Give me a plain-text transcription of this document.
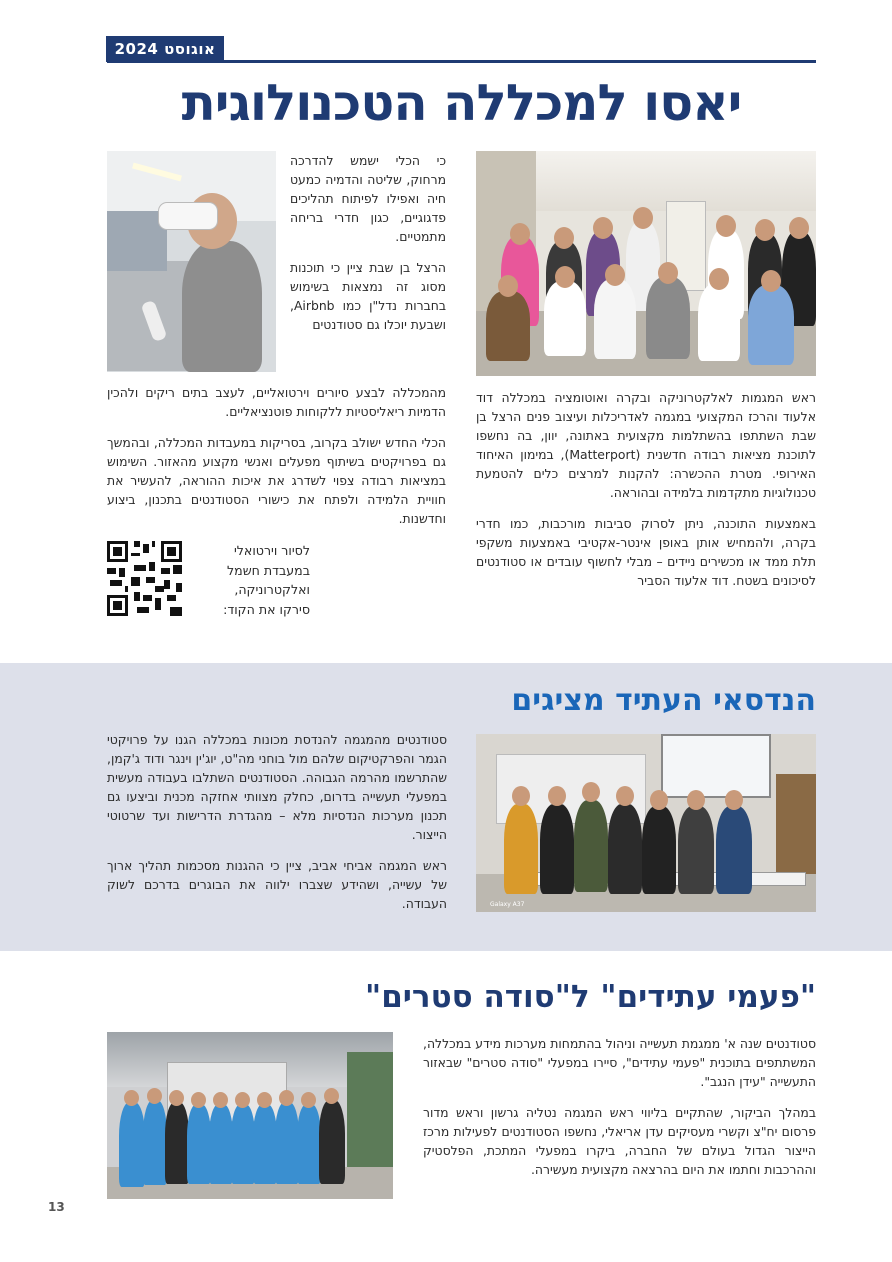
אוגוסט 2024
יאסו למכללה הטכנולוגית

ראש המגמות לאלקטרוניקה ובקרה ואוטומציה במכללה דוד אלעוד והרכז המקצועי במגמה לאדריכלות ועיצוב פנים הרצל בן שבת השתתפו בהשתלמות מקצועית באתונה, יוון, בה נחשפו לתוכנת מציאות רבודה חדשנית (Matterport), במימון האיחוד האירופי. מטרת ההכשרה: להקנות למרצים כלים להטמעת טכנולוגיות מתקדמות בלמידה ובהוראה.

באמצעות התוכנה, ניתן לסרוק סביבות מורכבות, כמו חדרי בקרה, ולהמחיש אותן באופן אינטר-אקטיבי באמצעות משקפי תלת ממד או מכשירים ניידים – מבלי לחשוף עובדים או סטודנטים לסיכונים בשטח. דוד אלעוד הסביר

כי הכלי ישמש להדרכה מרחוק, שליטה והדמיה כמעט חיה ואפילו לפיתוח תהליכים פדגוגיים, כגון חדרי בריחה מתמטיים.

הרצל בן שבת ציין כי תוכנות מסוג זה נמצאות בשימוש בחברות נדל"ן כמו Airbnb, ושבעת יוכלו גם סטודנטים

מהמכללה לבצע סיורים וירטואליים, לעצב בתים ריקים ולהכין הדמיות ריאליסטיות ללקוחות פוטנציאליים.

הכלי החדש ישולב בקרוב, בסריקות במעבדות המכללה, ובהמשך גם בפרויקטים בשיתוף מפעלים ואנשי מקצוע מהאזור. השימוש במציאות רבודה צפוי לשדרג את איכות ההוראה, להעשיר את חוויית הלמידה ולפתח את כישורי הסטודנטים בתכנון, ביצוע וחדשנות.

לסיור וירטואלי במעבדת חשמל ואלקטרוניקה, סירקו את הקוד:

הנדסאי העתיד מציגים
Galaxy A37

סטודנטים מהמגמה להנדסת מכונות במכללה הגנו על פרויקטי הגמר והפרקטיקום שלהם מול בוחני מה"ט, יוג'ין וינגר ודוד ג'קמן, שהתרשמו מהרמה הגבוהה. הסטודנטים השתלבו בעבודה מעשית במפעלי תעשייה בדרום, כחלק מצוותי אחזקה מכנית וביצעו גם תכנון מערכות הנדסיות מלא – מהגדרת הדרישות ועד שרטוטי הייצור.

ראש המגמה אביחי אביב, ציין כי ההגנות מסכמות תהליך ארוך של עשייה, ושהידע שצברו ילווה את הבוגרים בדרכם לשוק העבודה.

"פעמי עתידים" ל"סודה סטרים"

סטודנטים שנה א' ממגמת תעשייה וניהול בהתמחות מערכות מידע במכללה, המשתתפים בתוכנית "פעמי עתידים", סיירו במפעלי "סודה סטרים" שבאזור התעשייה "עידן הנגב".

במהלך הביקור, שהתקיים בליווי ראש המגמה נטליה גרשון וראש מדור פרסום יח"צ וקשרי מעסיקים עדן אריאלי, נחשפו הסטודנטים לפעילות מרכז הייצור הגדול בעולם של החברה, ביקרו במפעלי המתכת, הפלסטיק וההרכבות וחתמו את היום בהרצאה מקצועית מעשירה.

13
